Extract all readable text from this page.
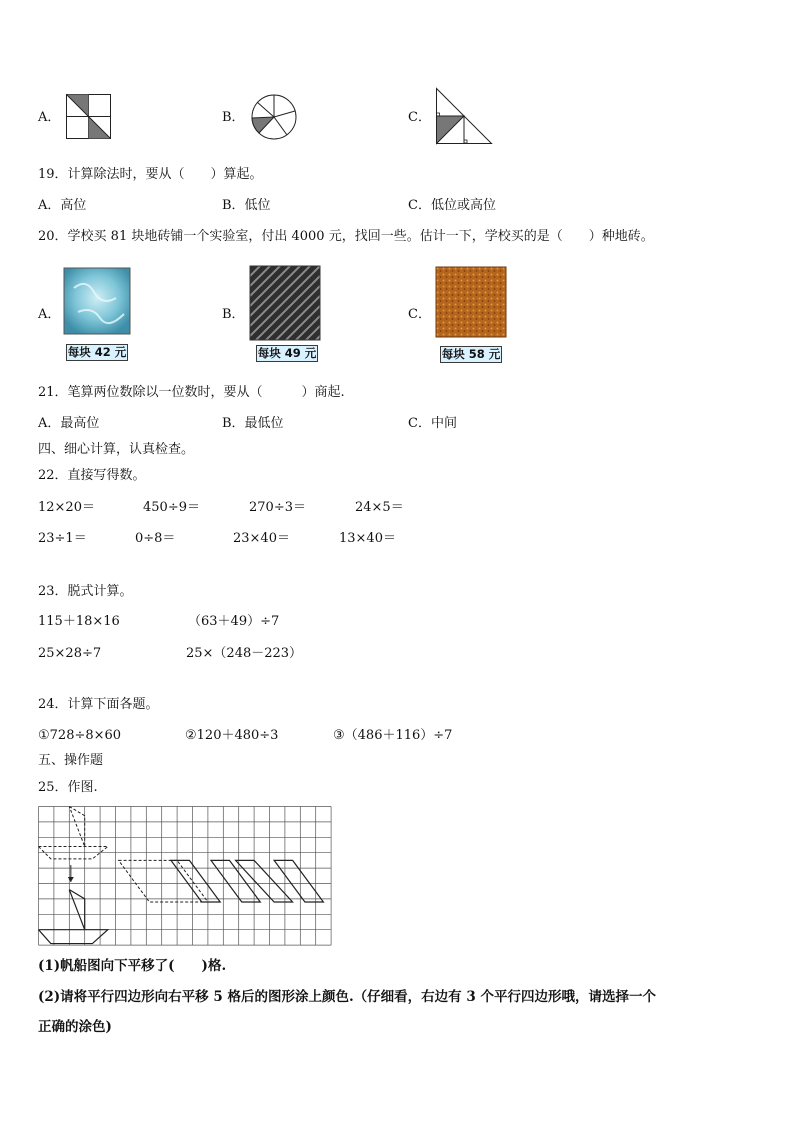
A．	B．	C．
19．计算除法时，要从（　　）算起。
A．高位	B．低位	C．低位或高位
20．学校买 81 块地砖铺一个实验室，付出 4000 元，找回一些。估计一下，学校买的是（　　）种地砖。
A．
每块 42 元
B．
每块 49 元
C．
每块 58 元
21．笔算两位数除以一位数时，要从（　　　）商起.
A．最高位	B．最低位	C．中间
四、细心计算，认真检查。
22．直接写得数。
12×20＝	450÷9＝	270÷3＝	24×5＝
23÷1＝	0÷8＝	23×40＝	13×40＝
23．脱式计算。
115＋18×16	（63＋49）÷7
25×28÷7	25×（248－223）
24．计算下面各题。
①728÷8×60	②120＋480÷3	③（486＋116）÷7
五、操作题
25．作图.
(1)帆船图向下平移了(　　)格.
(2)请将平行四边形向右平移 5 格后的图形涂上颜色.（仔细看，右边有 3 个平行四边形哦，请选择一个
正确的涂色)
